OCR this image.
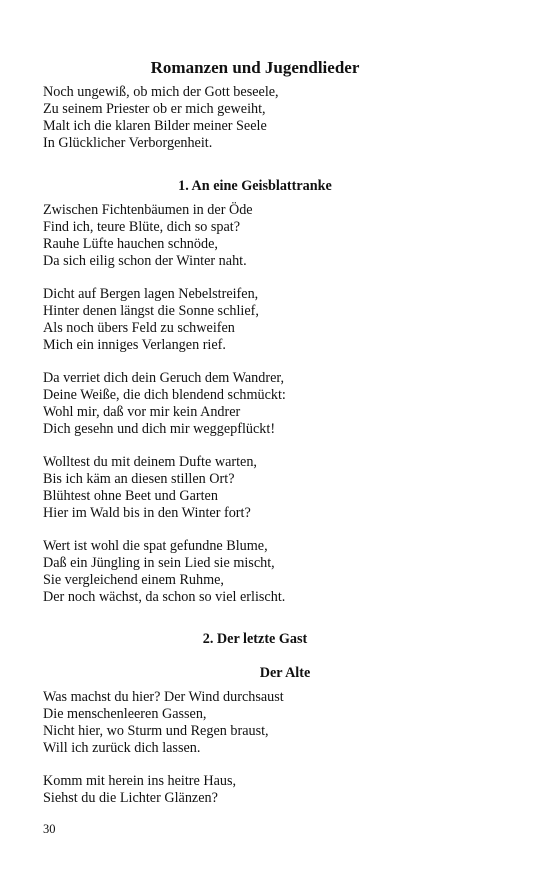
Romanzen und Jugendlieder
Noch ungewiß, ob mich der Gott beseele,
Zu seinem Priester ob er mich geweiht,
Malt ich die klaren Bilder meiner Seele
In Glücklicher Verborgenheit.
1. An eine Geisblattranke
Zwischen Fichtenbäumen in der Öde
Find ich, teure Blüte, dich so spat?
Rauhe Lüfte hauchen schnöde,
Da sich eilig schon der Winter naht.
Dicht auf Bergen lagen Nebelstreifen,
Hinter denen längst die Sonne schlief,
Als noch übers Feld zu schweifen
Mich ein inniges Verlangen rief.
Da verriet dich dein Geruch dem Wandrer,
Deine Weiße, die dich blendend schmückt:
Wohl mir, daß vor mir kein Andrer
Dich gesehn und dich mir weggepflückt!
Wolltest du mit deinem Dufte warten,
Bis ich käm an diesen stillen Ort?
Blühtest ohne Beet und Garten
Hier im Wald bis in den Winter fort?
Wert ist wohl die spat gefundne Blume,
Daß ein Jüngling in sein Lied sie mischt,
Sie vergleichend einem Ruhme,
Der noch wächst, da schon so viel erlischt.
2. Der letzte Gast
Der Alte
Was machst du hier? Der Wind durchsaust
Die menschenleeren Gassen,
Nicht hier, wo Sturm und Regen braust,
Will ich zurück dich lassen.
Komm mit herein ins heitre Haus,
Siehst du die Lichter Glänzen?
30
